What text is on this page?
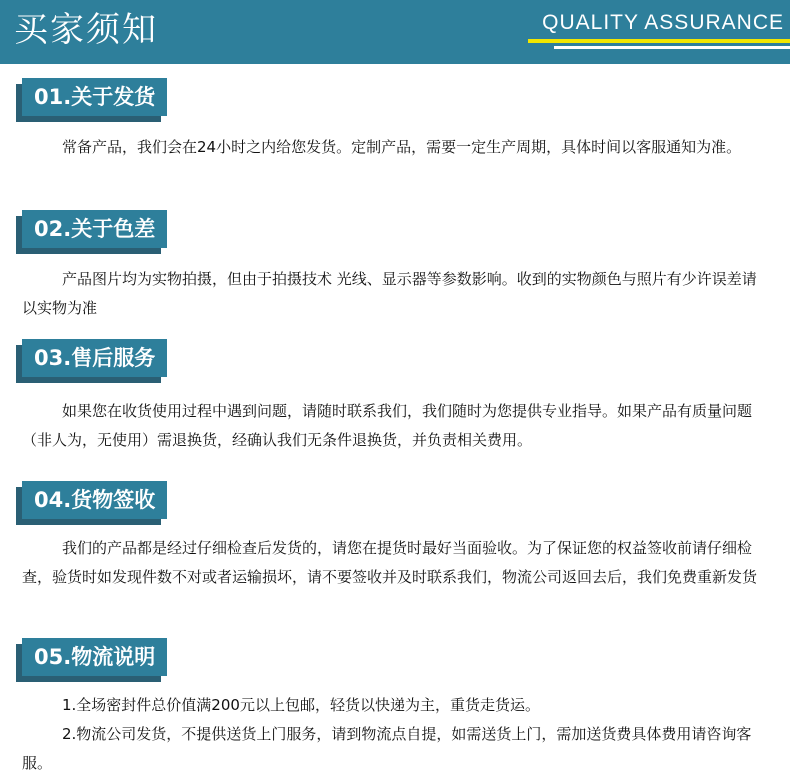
买家须知	QUALITY ASSURANCE
01.关于发货

常备产品，我们会在24小时之内给您发货。定制产品，需要一定生产周期，具体时间以客服通知为准。

02.关于色差

产品图片均为实物拍摄，但由于拍摄技术 光线、显示器等参数影响。收到的实物颜色与照片有少许误差请以实物为准

03.售后服务

如果您在收货使用过程中遇到问题，请随时联系我们，我们随时为您提供专业指导。如果产品有质量问题（非人为，无使用）需退换货，经确认我们无条件退换货，并负责相关费用。

04.货物签收

我们的产品都是经过仔细检查后发货的，请您在提货时最好当面验收。为了保证您的权益签收前请仔细检查，验货时如发现件数不对或者运输损坏，请不要签收并及时联系我们，物流公司返回去后，我们免费重新发货

05.物流说明

1.全场密封件总价值满200元以上包邮，轻货以快递为主，重货走货运。

2.物流公司发货，不提供送货上门服务，请到物流点自提，如需送货上门，需加送货费具体费用请咨询客服。
